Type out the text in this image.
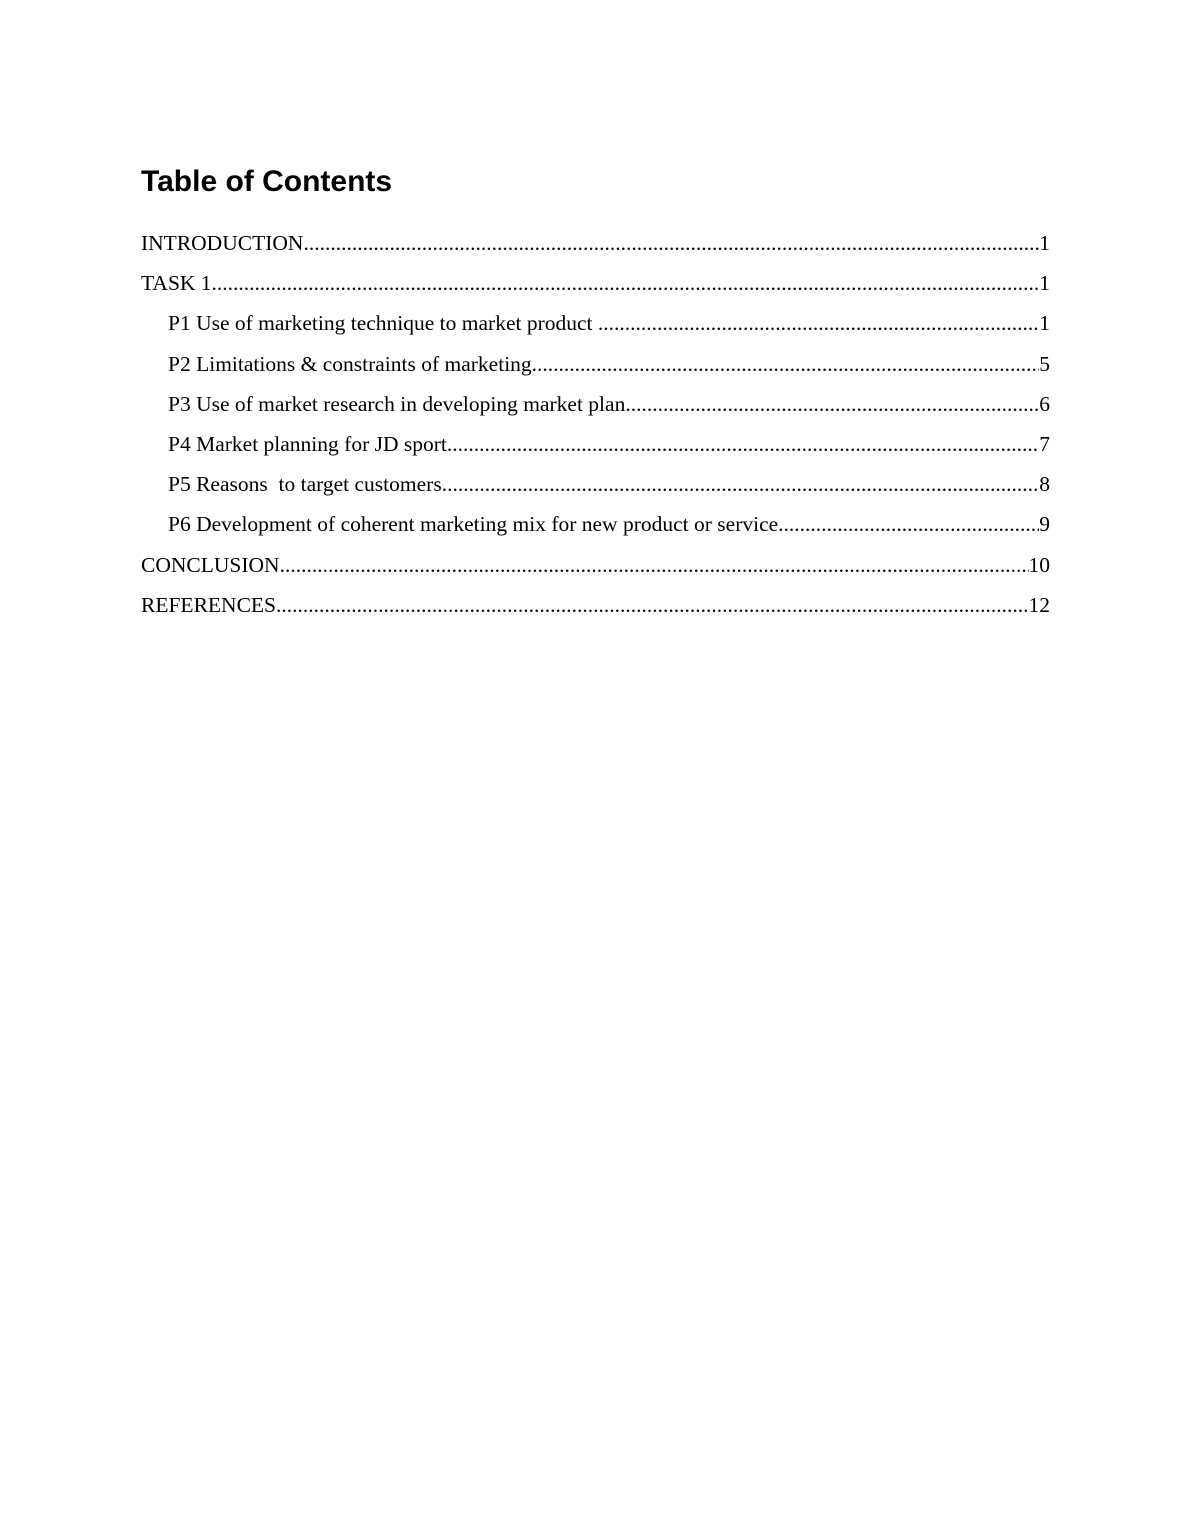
Table of Contents
INTRODUCTION .....	1
TASK 1 .....	1
P1 Use of marketing technique to market product .....	1
P2 Limitations & constraints of marketing .....	5
P3 Use of market research in developing market plan .....	6
P4 Market planning for JD sport .....	7
P5 Reasons  to target customers .....	8
P6 Development of coherent marketing mix for new product or service .....	9
CONCLUSION .....	10
REFERENCES .....	12
